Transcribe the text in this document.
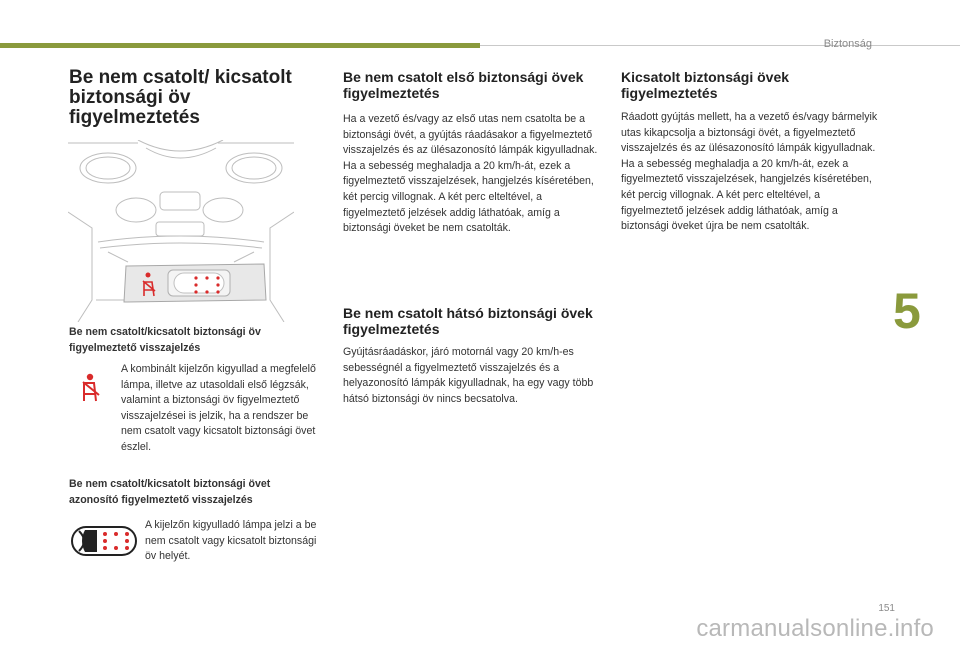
Biztonság
5
151
carmanualsonline.info
Be nem csatolt/ kicsatolt biztonsági öv figyelmeztetés
Be nem csatolt/kicsatolt biztonsági öv figyelmeztető visszajelzés

A kombinált kijelzőn kigyullad a megfelelő lámpa, illetve az utasoldali első légzsák, valamint a biztonsági öv figyelmeztető visszajelzései is jelzik, ha a rendszer be nem csatolt vagy kicsatolt biztonsági övet észlel.

Be nem csatolt/kicsatolt biztonsági övet azonosító figyelmeztető visszajelzés

A kijelzőn kigyulladó lámpa jelzi a be nem csatolt vagy kicsatolt biztonsági öv helyét.

Be nem csatolt első biztonsági övek figyelmeztetés

Ha a vezető és/vagy az első utas nem csatolta be a biztonsági övét, a gyújtás ráadásakor a figyelmeztető visszajelzés és az ülésazonosító lámpák kigyulladnak. Ha a sebesség meghaladja a 20 km/h-át, ezek a figyelmeztető visszajelzések, hangjelzés kíséretében, két percig villognak. A két perc elteltével, a figyelmeztető jelzések addig láthatóak, amíg a biztonsági öveket be nem csatolták.

Be nem csatolt hátsó biztonsági övek figyelmeztetés

Gyújtásráadáskor, járó motornál vagy 20 km/h-es sebességnél a figyelmeztető visszajelzés és a helyazonosító lámpák kigyulladnak, ha egy vagy több hátsó biztonsági öv nincs becsatolva.

Kicsatolt biztonsági övek figyelmeztetés

Ráadott gyújtás mellett, ha a vezető és/vagy bármelyik utas kikapcsolja a biztonsági övét, a figyelmeztető visszajelzés és az ülésazonosító lámpák kigyulladnak. Ha a sebesség meghaladja a 20 km/h-át, ezek a figyelmeztető visszajelzések, hangjelzés kíséretében, két percig villognak. A két perc elteltével, a figyelmeztető jelzések addig láthatóak, amíg a biztonsági öveket újra be nem csatolták.
